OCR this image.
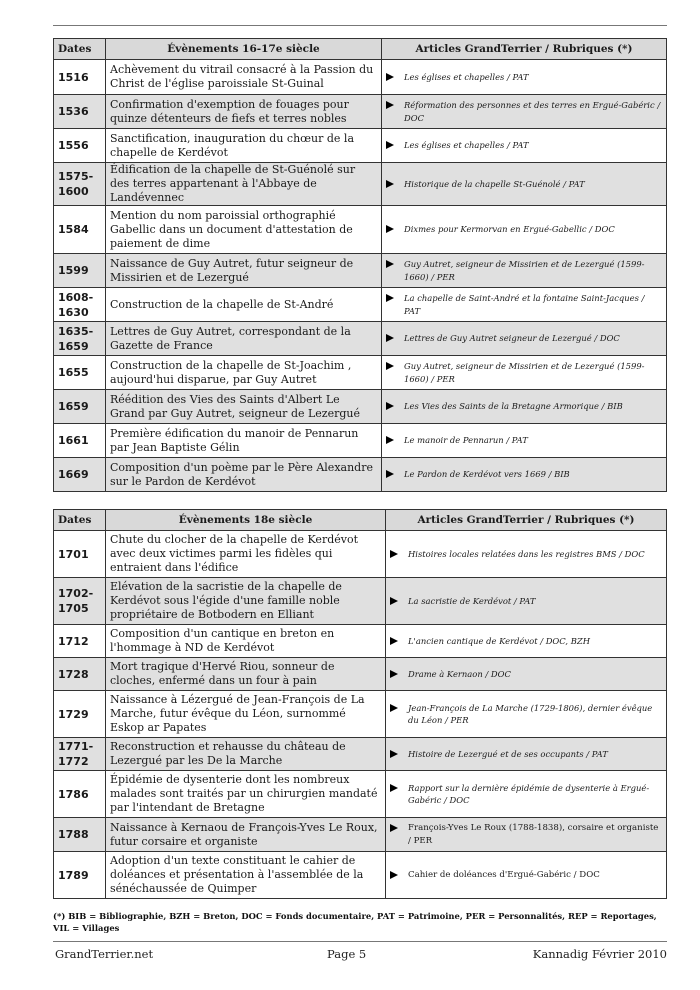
Dates	Évènements 16-17e siècle	Articles GrandTerrier / Rubriques (*)
1516	Achèvement du vitrail consacré à la Passion du Christ de l'église paroissiale St-Guinal	Les églises et chapelles / PAT

1536	Confirmation d'exemption de fouages pour quinze détenteurs de fiefs et terres nobles	Réformation des personnes et des terres en Ergué-Gabéric / DOC

1556	Sanctification, inauguration du chœur de la chapelle de Kerdévot	Les églises et chapelles / PAT

1575-1600	Édification de la chapelle de St-Guénolé sur des terres appartenant à l'Abbaye de Landévennec	Historique de la chapelle St-Guénolé / PAT

1584	Mention du nom paroissial orthographié Gabellic dans un document d'attestation de paiement de dime	Dixmes pour Kermorvan en Ergué-Gabellic / DOC

1599	Naissance de Guy Autret, futur seigneur de Missirien et de Lezergué	Guy Autret, seigneur de Missirien et de Lezergué (1599-1660) / PER

1608-1630	Construction de la chapelle de St-André	La chapelle de Saint-André et la fontaine Saint-Jacques / PAT

1635-1659	Lettres de Guy Autret, correspondant de la Gazette de France	Lettres de Guy Autret seigneur de Lezergué / DOC

1655	Construction de la chapelle de St-Joachim , aujourd'hui disparue, par Guy Autret	Guy Autret, seigneur de Missirien et de Lezergué (1599-1660) / PER

1659	Réédition des Vies des Saints d'Albert Le Grand par Guy Autret, seigneur de Lezergué	Les Vies des Saints de la Bretagne Armorique / BIB

1661	Première édification du manoir de Pennarun par Jean Baptiste Gélin	Le manoir de Pennarun / PAT

1669	Composition d'un poème par le Père Alexandre sur le Pardon de Kerdévot	Le Pardon de Kerdévot vers 1669 / BIB
Dates	Évènements 18e siècle	Articles GrandTerrier / Rubriques (*)
1701	Chute du clocher de la chapelle de Kerdévot avec deux victimes parmi les fidèles qui entraient dans l'édifice	Histoires locales relatées dans les registres BMS / DOC

1702-1705	Elévation de la sacristie de la chapelle de Kerdévot sous l'égide d'une famille noble propriétaire de Botbodern en Elliant	La sacristie de Kerdévot / PAT

1712	Composition d'un cantique en breton en l'hommage à ND de Kerdévot	L'ancien cantique de Kerdévot / DOC, BZH

1728	Mort tragique d'Hervé Riou, sonneur de cloches, enfermé dans un four à pain	Drame à Kernaon / DOC

1729	Naissance à Lézergué de Jean-François de La Marche, futur évêque du Léon, surnommé Eskop ar Papates	Jean-François de La Marche (1729-1806), dernier évêque du Léon / PER

1771-1772	Reconstruction et rehausse du château de Lezergué par les De la Marche	Histoire de Lezergué et de ses occupants / PAT

1786	Épidémie de dysenterie dont les nombreux malades sont traités par un chirurgien mandaté par l'intendant de Bretagne	Rapport sur la dernière épidémie de dysenterie à Ergué-Gabéric / DOC

1788	Naissance à Kernaou de François-Yves Le Roux, futur corsaire et organiste	François-Yves Le Roux (1788-1838), corsaire et organiste / PER

1789	Adoption d'un texte constituant le cahier de doléances et présentation à l'assemblée de la sénéchaussée de Quimper	Cahier de doléances d'Ergué-Gabéric / DOC
(*) BIB = Bibliographie, BZH = Breton, DOC = Fonds documentaire, PAT = Patrimoine, PER = Personnalités, REP = Reportages, VIL = Villages
GrandTerrier.net	Page 5	Kannadig Février 2010
